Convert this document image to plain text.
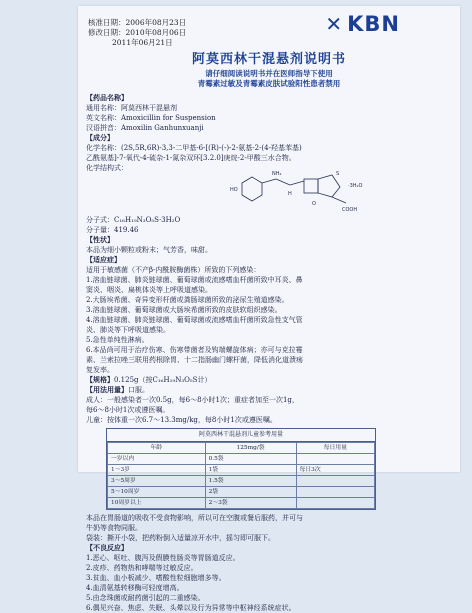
核准日期：2006年08月23日
修改日期：2010年08月06日
2011年06月21日
✕ KBN
阿莫西林干混悬剂说明书
请仔细阅读说明书并在医师指导下使用
青霉素过敏及青霉素皮肤试验阳性患者禁用
【药品名称】
通用名称：阿莫西林干混悬剂
英文名称：Amoxicillin for Suspension
汉语拼音：Amoxilin Ganhunxuanji
【成分】
化学名称：(2S,5R,6R)-3,3-二甲基-6-[(R)-(-)-2-氨基-2-(4-羟基苯基)
乙酰氨基]-7-氧代-4-硫杂-1-氮杂双环[3.2.0]庚烷-2-甲酸三水合物。
化学结构式：
HO
NH₂
H
O
S
COOH
·3H₂O
分子式：C₁₆H₁₉N₃O₅S·3H₂O
分子量：419.46
【性状】
本品为细小颗粒或粉末；气芳香，味甜。
【适应症】
适用于敏感菌（不产β-内酰胺酶菌株）所致的下列感染：
1.溶血链球菌、肺炎链球菌、葡萄球菌或流感嗜血杆菌所致中耳炎、鼻
窦炎、咽炎、扁桃体炎等上呼吸道感染。
2.大肠埃希菌、奇异变形杆菌或粪肠球菌所致的泌尿生殖道感染。
3.溶血链球菌、葡萄球菌或大肠埃希菌所致的皮肤软组织感染。
4.溶血链球菌、肺炎链球菌、葡萄球菌或流感嗜血杆菌所致急性支气管
炎、肺炎等下呼吸道感染。
5.急性单纯性淋病。
6.本品尚可用于治疗伤寒、伤寒带菌者及钩端螺旋体病；亦可与克拉霉
素、兰索拉唑三联用药根除胃、十二指肠幽门螺杆菌，降低消化道溃疡
复发率。
【规格】0.125g（按C₁₆H₁₉N₃O₅S计）
【用法用量】口服。
成人：一般感染者一次0.5g，每6～8小时1次；重症者加至一次1g，
每6～8小时1次或遵医嘱。
儿童：按体重一次6.7～13.3mg/kg，每8小时1次或遵医嘱。
阿莫西林干混悬剂儿童参考用量
年龄	125mg/袋	每日用量
一岁以内	0.5袋	
1～3岁	1袋	每日3次
3～5周岁	1.5袋	
5～10周岁	2袋	
10周岁以上	2～3袋	
本品在胃肠道的吸收不受食物影响，所以可在空腹或餐后服药，并可与
牛奶等食物同服。
袋装：撕开小袋，把药粉倒入适量凉开水中，摇匀即可服下。
【不良反应】
1.恶心、呕吐、腹泻及假膜性肠炎等胃肠道反应。
2.皮疹、药物热和哮喘等过敏反应。
3.贫血、血小板减少、嗜酸性粒细胞增多等。
4.血清氨基转移酶可轻度增高。
5.由念珠菌或耐药菌引起的二重感染。
6.偶见兴奋、焦虑、失眠、头晕以及行为异常等中枢神经系统症状。
